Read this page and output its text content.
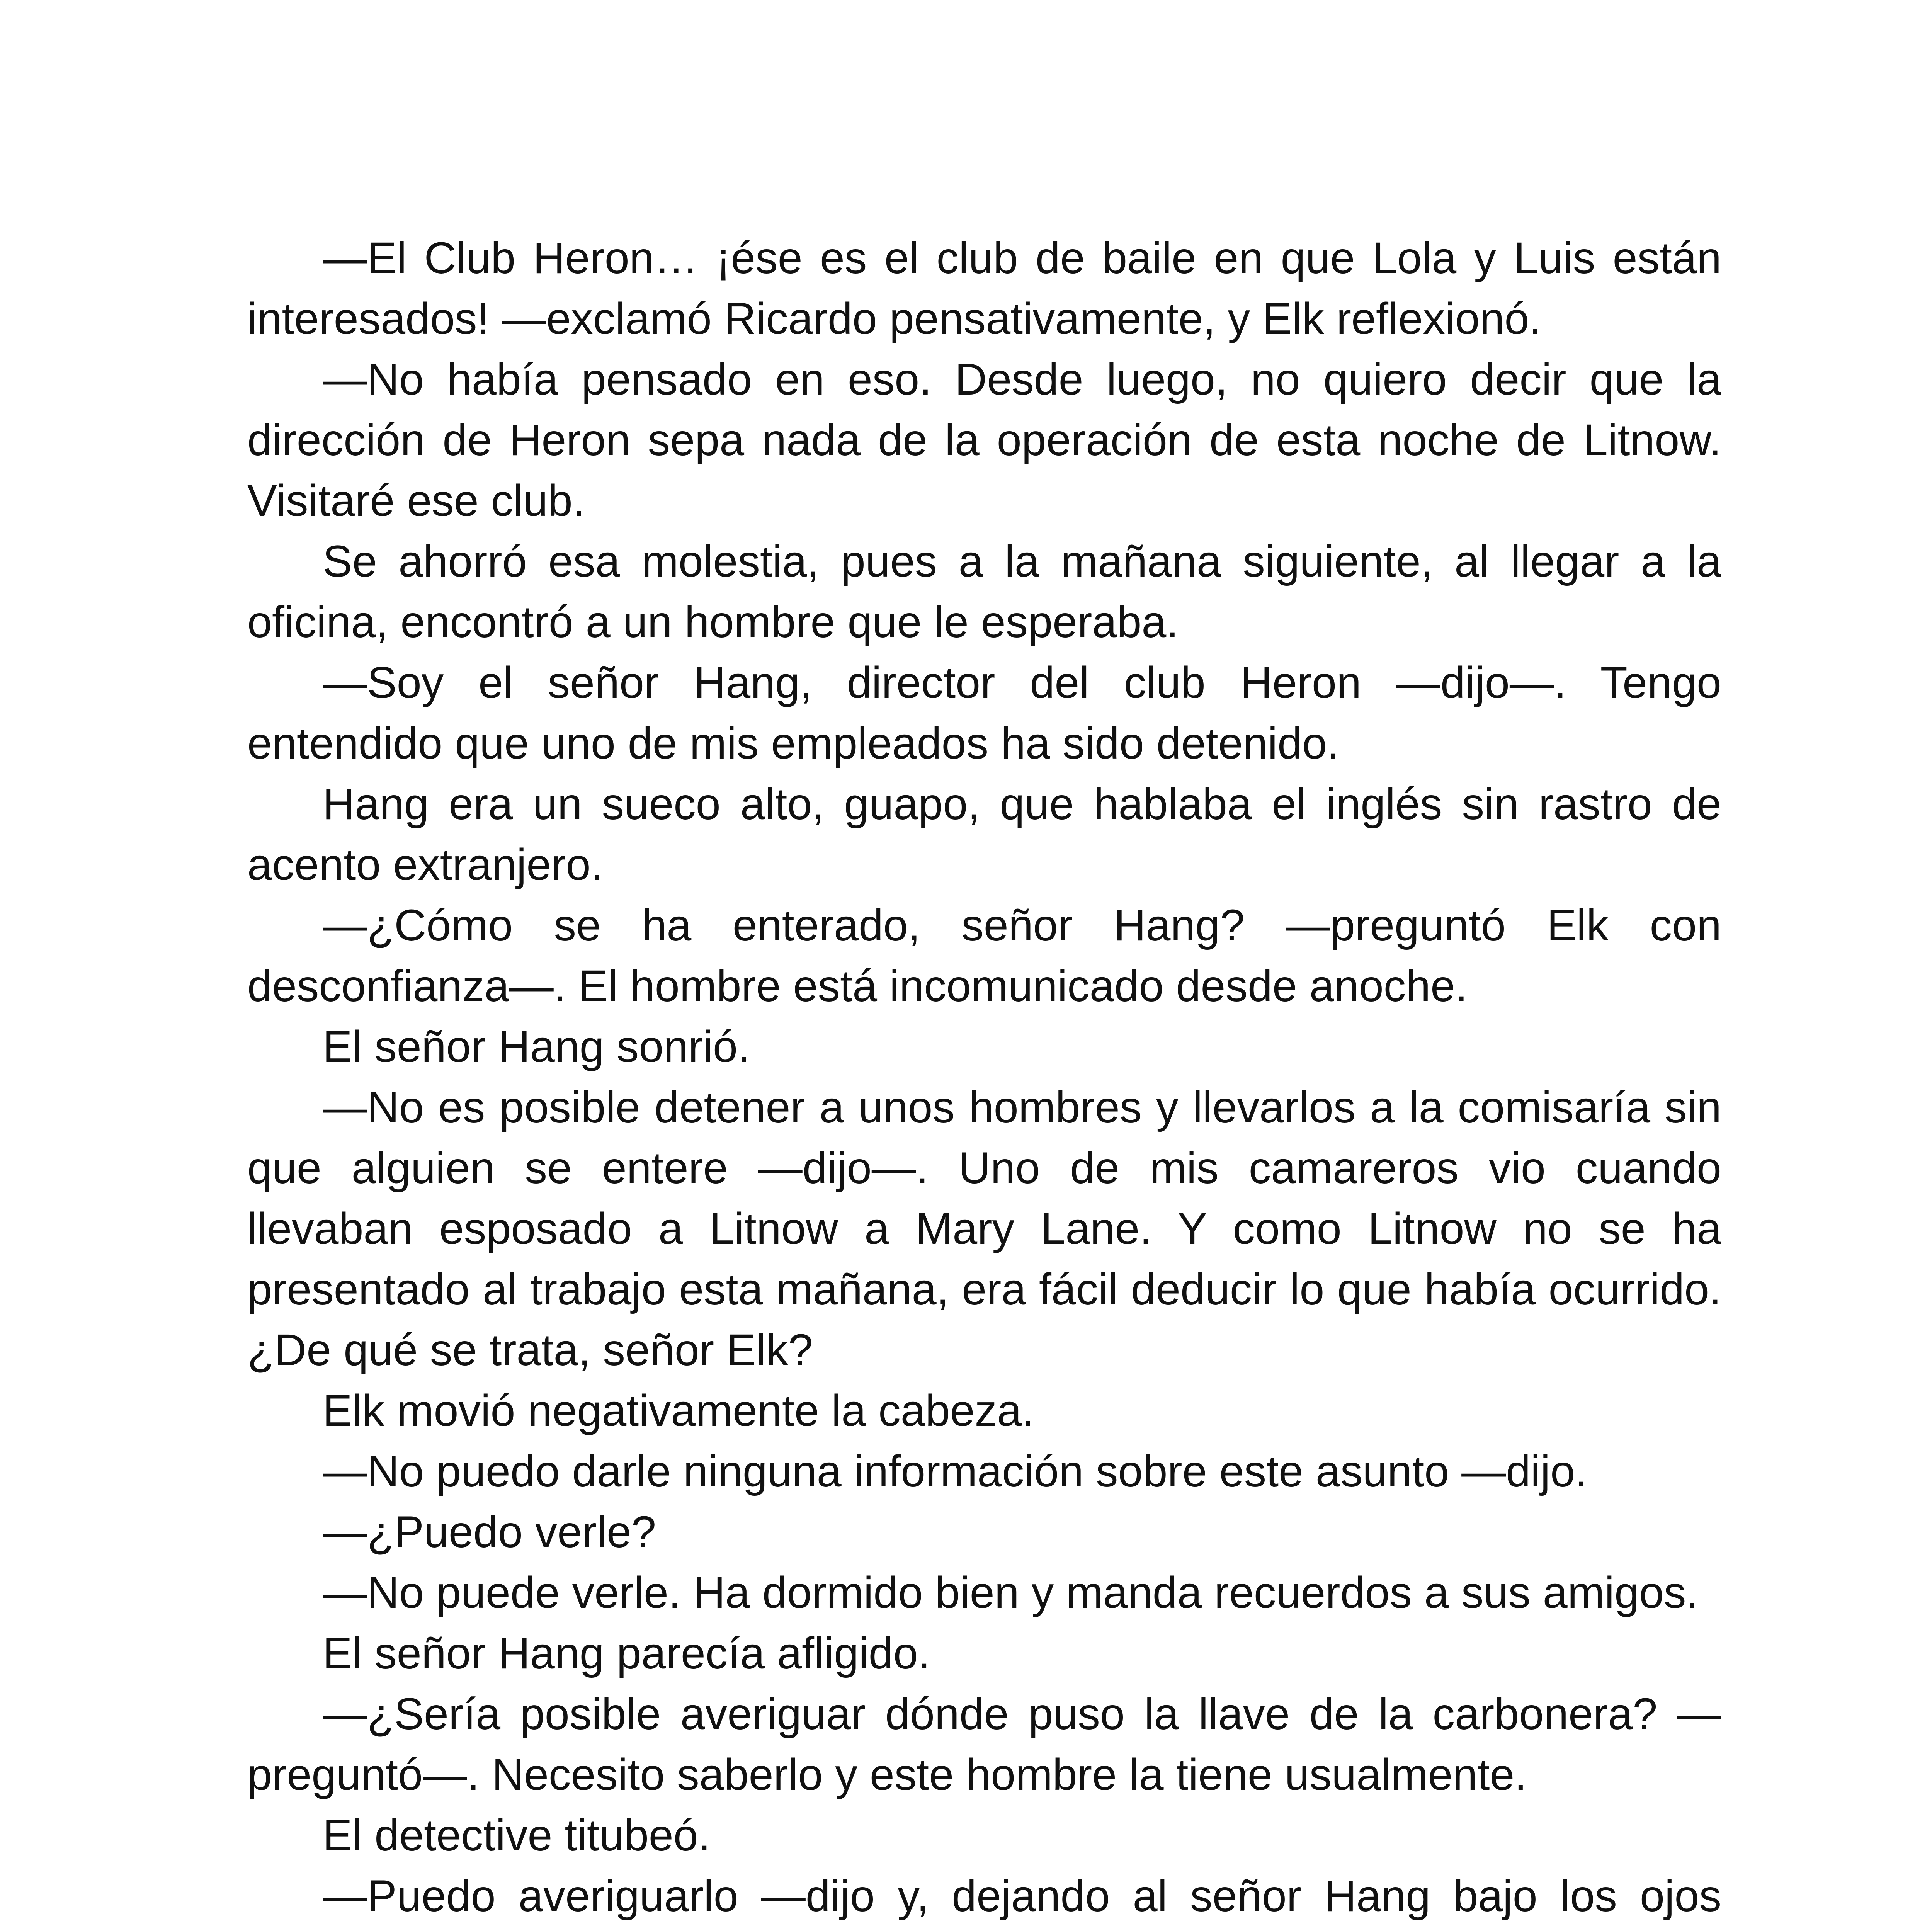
—El Club Heron… ¡ése es el club de baile en que Lola y Luis están interesados! —exclamó Ricardo pensativamente, y Elk reflexionó.

—No había pensado en eso. Desde luego, no quiero decir que la dirección de Heron sepa nada de la operación de esta noche de Litnow. Visitaré ese club.

Se ahorró esa molestia, pues a la mañana siguiente, al llegar a la oficina, encontró a un hombre que le esperaba.

—Soy el señor Hang, director del club Heron —dijo—. Tengo entendido que uno de mis empleados ha sido detenido.

Hang era un sueco alto, guapo, que hablaba el inglés sin rastro de acento extranjero.

—¿Cómo se ha enterado, señor Hang? —preguntó Elk con desconfianza—. El hombre está incomunicado desde anoche.

El señor Hang sonrió.

—No es posible detener a unos hombres y llevarlos a la comisaría sin que alguien se entere —dijo—. Uno de mis camareros vio cuando llevaban esposado a Litnow a Mary Lane. Y como Litnow no se ha presentado al trabajo esta mañana, era fácil deducir lo que había ocurrido. ¿De qué se trata, señor Elk?

Elk movió negativamente la cabeza.

—No puedo darle ninguna información sobre este asunto —dijo.

—¿Puedo verle?

—No puede verle. Ha dormido bien y manda recuerdos a sus amigos.

El señor Hang parecía afligido.

—¿Sería posible averiguar dónde puso la llave de la carbonera? —preguntó—. Necesito saberlo y este hombre la tiene usualmente.

El detective titubeó.

—Puedo averiguarlo —dijo y, dejando al señor Hang bajo los ojos
